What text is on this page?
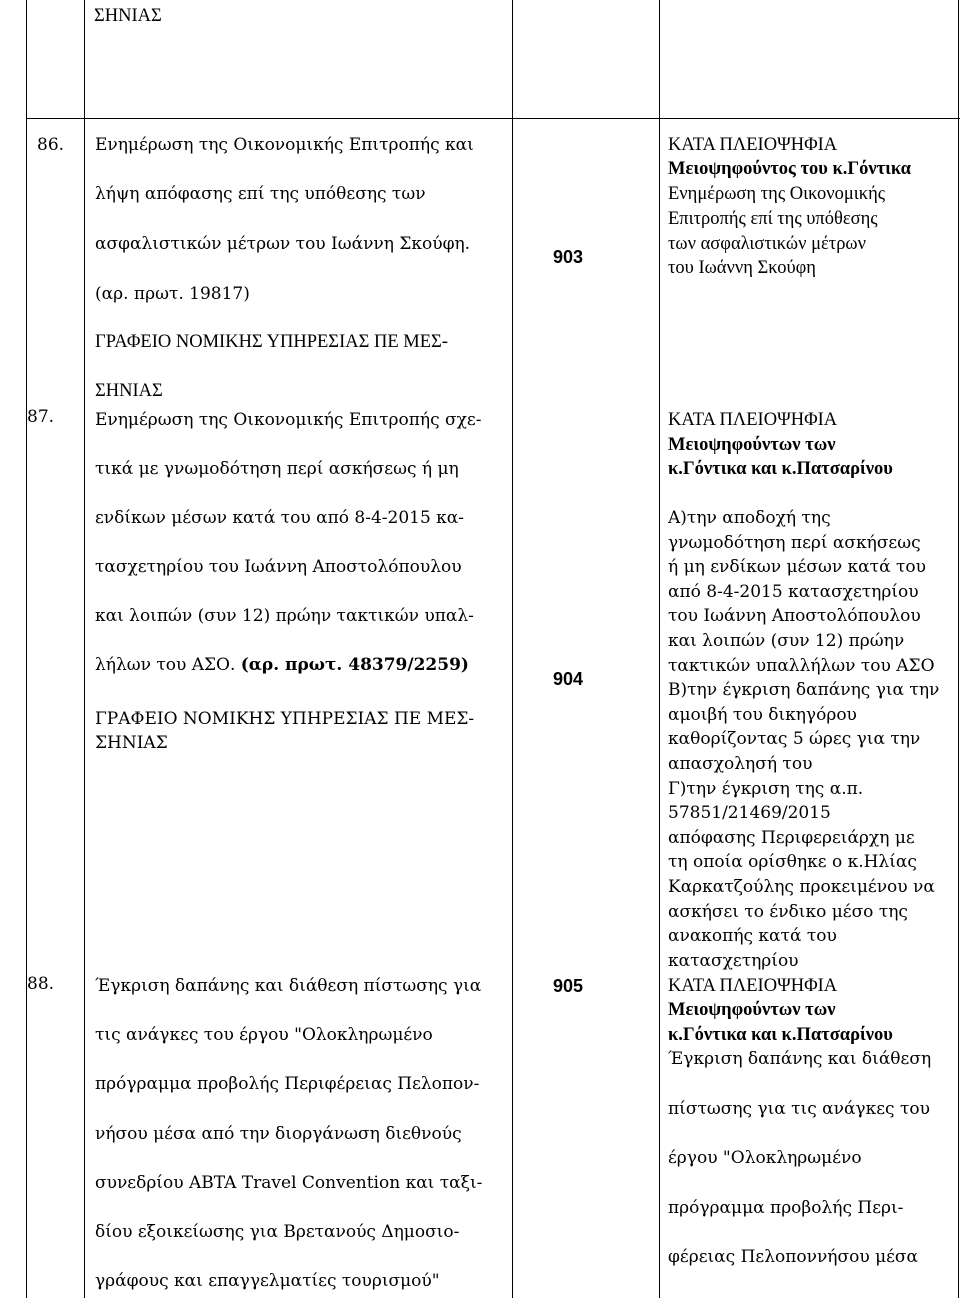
ΣΗΝΙΑΣ
86. Ενημέρωση της Οικονομικής Επιτροπής και
λήψη απόφασης επί της υπόθεσης των
ασφαλιστικών μέτρων του Ιωάννη Σκούφη.
(αρ. πρωτ. 19817)
ΓΡΑΦΕΙΟ ΝΟΜΙΚΗΣ ΥΠΗΡΕΣΙΑΣ ΠΕ ΜΕΣ-
ΣΗΝΙΑΣ
903
ΚΑΤΑ ΠΛΕΙΟΨΗΦΙΑ
Μειοψηφούντος του κ.Γόντικα
Ενημέρωση της Οικονομικής
Επιτροπής επί της υπόθεσης
των ασφαλιστικών μέτρων
του Ιωάννη Σκούφη
87. Ενημέρωση της Οικονομικής Επιτροπής σχε-
τικά με γνωμοδότηση περί ασκήσεως ή μη
ενδίκων μέσων κατά του από 8-4-2015 κα-
τασχετηρίου του Ιωάννη Αποστολόπουλου
και λοιπών (συν 12) πρώην τακτικών υπαλ-
λήλων του ΑΣΟ. (αρ. πρωτ. 48379/2259)
ΓΡΑΦΕΙΟ ΝΟΜΙΚΗΣ ΥΠΗΡΕΣΙΑΣ ΠΕ ΜΕΣ-
ΣΗΝΙΑΣ
904
ΚΑΤΑ ΠΛΕΙΟΨΗΦΙΑ
Μειοψηφούντων των
κ.Γόντικα και κ.Πατσαρίνου
Α)την αποδοχή της
γνωμοδότηση περί ασκήσεως
ή μη ενδίκων μέσων κατά του
από 8-4-2015 κατασχετηρίου
του Ιωάννη Αποστολόπουλου
και λοιπών (συν 12) πρώην
τακτικών υπαλλήλων του ΑΣΟ
Β)την έγκριση δαπάνης για την
αμοιβή του δικηγόρου
καθορίζοντας 5 ώρες για την
απασχολησή του
Γ)την έγκριση της α.π.
57851/21469/2015
απόφασης Περιφερειάρχη με
τη οποία ορίσθηκε ο κ.Ηλίας
Καρκατζούλης προκειμένου να
ασκήσει το ένδικο μέσο της
ανακοπής κατά του
κατασχετηρίου
88. Έγκριση δαπάνης και διάθεση πίστωσης για
τις ανάγκες του έργου "Ολοκληρωμένο
πρόγραμμα προβολής Περιφέρειας Πελοπον-
νήσου μέσα από την διοργάνωση διεθνούς
συνεδρίου ABTA Travel Convention και ταξι-
δίου εξοικείωσης για Βρετανούς Δημοσιο-
γράφους και επαγγελματίες τουρισμού"
905	ΚΑΤΑ ΠΛΕΙΟΨΗΦΙΑ
Μειοψηφούντων των
κ.Γόντικα και κ.Πατσαρίνου
Έγκριση δαπάνης και διάθεση
πίστωσης για τις ανάγκες του
έργου "Ολοκληρωμένο
πρόγραμμα προβολής Περι-
φέρειας Πελοποννήσου μέσα
